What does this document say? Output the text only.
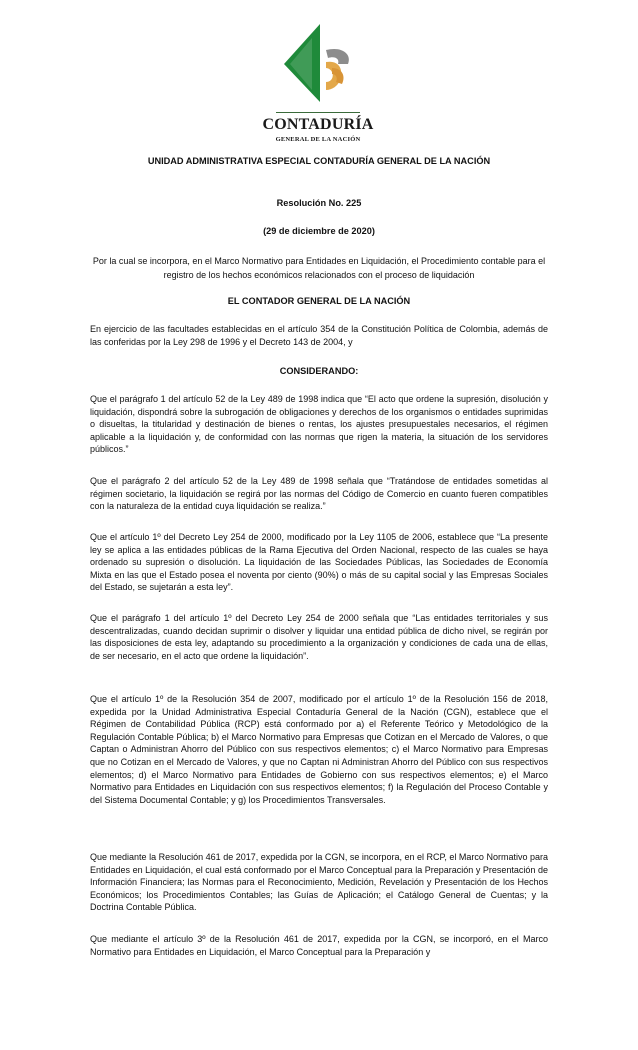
CONTADURÍA
GENERAL DE LA NACIÓN
UNIDAD ADMINISTRATIVA ESPECIAL CONTADURÍA GENERAL DE LA NACIÓN
Resolución No. 225
(29 de diciembre de 2020)
Por la cual se incorpora, en el Marco Normativo para Entidades en Liquidación, el Procedimiento contable para el registro de los hechos económicos relacionados con el proceso de liquidación
EL CONTADOR GENERAL DE LA NACIÓN
En ejercicio de las facultades establecidas en el artículo 354 de la Constitución Política de Colombia, además de las conferidas por la Ley 298 de 1996 y el Decreto 143 de 2004, y
CONSIDERANDO:
Que el parágrafo 1 del artículo 52 de la Ley 489 de 1998 indica que “El acto que ordene la supresión, disolución y liquidación, dispondrá sobre la subrogación de obligaciones y derechos de los organismos o entidades suprimidas o disueltas, la titularidad y destinación de bienes o rentas, los ajustes presupuestales necesarios, el régimen aplicable a la liquidación y, de conformidad con las normas que rigen la materia, la situación de los servidores públicos.”
Que el parágrafo 2 del artículo 52 de la Ley 489 de 1998 señala que “Tratándose de entidades sometidas al régimen societario, la liquidación se regirá por las normas del Código de Comercio en cuanto fueren compatibles con la naturaleza de la entidad cuya liquidación se realiza.”
Que el artículo 1º del Decreto Ley 254 de 2000, modificado por la Ley 1105 de 2006, establece que “La presente ley se aplica a las entidades públicas de la Rama Ejecutiva del Orden Nacional, respecto de las cuales se haya ordenado su supresión o disolución. La liquidación de las Sociedades Públicas, las Sociedades de Economía Mixta en las que el Estado posea el noventa por ciento (90%) o más de su capital social y las Empresas Sociales del Estado, se sujetarán a esta ley”.
Que el parágrafo 1 del artículo 1º del Decreto Ley 254 de 2000 señala que “Las entidades territoriales y sus descentralizadas, cuando decidan suprimir o disolver y liquidar una entidad pública de dicho nivel, se regirán por las disposiciones de esta ley, adaptando su procedimiento a la organización y condiciones de cada una de ellas, de ser necesario, en el acto que ordene la liquidación”.
Que el artículo 1º de la Resolución 354 de 2007, modificado por el artículo 1º de la Resolución 156 de 2018, expedida por la Unidad Administrativa Especial Contaduría General de la Nación (CGN), establece que el Régimen de Contabilidad Pública (RCP) está conformado por a) el Referente Teórico y Metodológico de la Regulación Contable Pública; b) el Marco Normativo para Empresas que Cotizan en el Mercado de Valores, o que Captan o Administran Ahorro del Público con sus respectivos elementos; c) el Marco Normativo para Empresas que no Cotizan en el Mercado de Valores, y que no Captan ni Administran Ahorro del Público con sus respectivos elementos; d) el Marco Normativo para Entidades de Gobierno con sus respectivos elementos; e) el Marco Normativo para Entidades en Liquidación con sus respectivos elementos; f) la Regulación del Proceso Contable y del Sistema Documental Contable; y g) los Procedimientos Transversales.
Que mediante la Resolución 461 de 2017, expedida por la CGN, se incorpora, en el RCP, el Marco Normativo para Entidades en Liquidación, el cual está conformado por el Marco Conceptual para la Preparación y Presentación de Información Financiera; las Normas para el Reconocimiento, Medición, Revelación y Presentación de los Hechos Económicos; los Procedimientos Contables; las Guías de Aplicación; el Catálogo General de Cuentas; y la Doctrina Contable Pública.
Que mediante el artículo 3º de la Resolución 461 de 2017, expedida por la CGN, se incorporó, en el Marco Normativo para Entidades en Liquidación, el Marco Conceptual para la Preparación y
